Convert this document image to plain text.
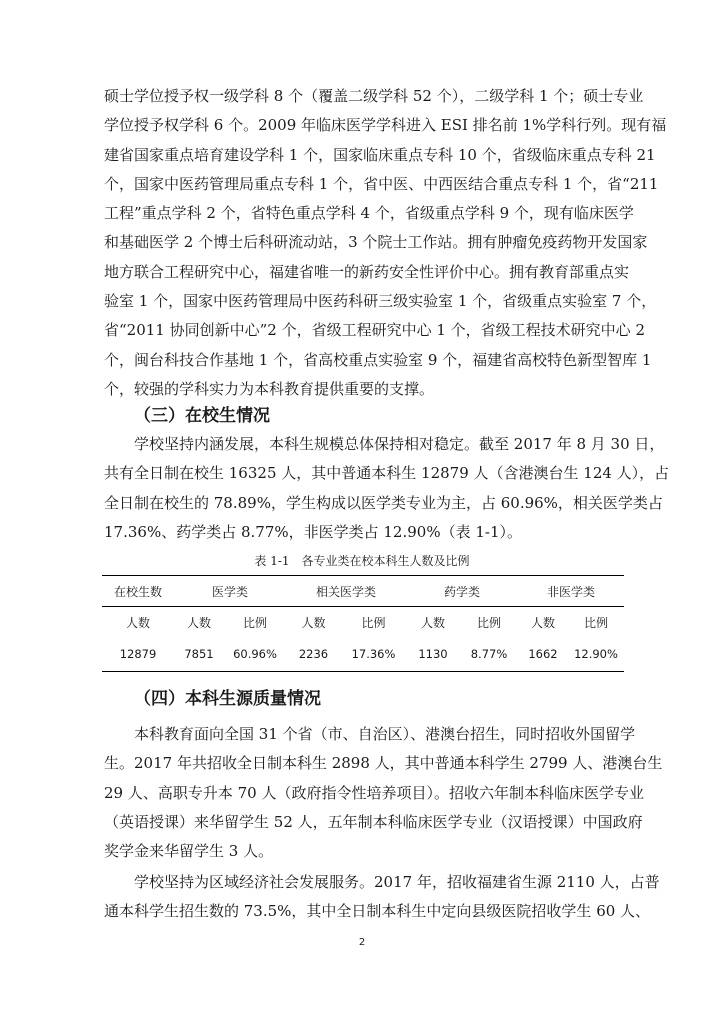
硕士学位授予权一级学科 8 个（覆盖二级学科 52 个），二级学科 1 个；硕士专业
学位授予权学科 6 个。2009 年临床医学学科进入 ESI 排名前 1%学科行列。现有福
建省国家重点培育建设学科 1 个，国家临床重点专科 10 个，省级临床重点专科 21
个，国家中医药管理局重点专科 1 个，省中医、中西医结合重点专科 1 个，省“211
工程”重点学科 2 个，省特色重点学科 4 个，省级重点学科 9 个，现有临床医学
和基础医学 2 个博士后科研流动站，3 个院士工作站。拥有肿瘤免疫药物开发国家
地方联合工程研究中心，福建省唯一的新药安全性评价中心。拥有教育部重点实
验室 1 个，国家中医药管理局中医药科研三级实验室 1 个，省级重点实验室 7 个，
省“2011 协同创新中心”2 个，省级工程研究中心 1 个，省级工程技术研究中心 2
个，闽台科技合作基地 1 个，省高校重点实验室 9 个，福建省高校特色新型智库 1
个，较强的学科实力为本科教育提供重要的支撑。
（三）在校生情况
　　学校坚持内涵发展，本科生规模总体保持相对稳定。截至 2017 年 8 月 30 日，
共有全日制在校生 16325 人，其中普通本科生 12879 人（含港澳台生 124 人），占
全日制在校生的 78.89%，学生构成以医学类专业为主，占 60.96%，相关医学类占
17.36%、药学类占 8.77%，非医学类占 12.90%（表 1-1）。
表 1-1　各专业类在校本科生人数及比例
在校生数	医学类		相关医学类		药学类		非医学类	
人数	人数	比例	人数	比例	人数	比例	人数	比例
12879	7851	60.96%	2236	17.36%	1130	8.77%	1662	12.90%
（四）本科生源质量情况
　　本科教育面向全国 31 个省（市、自治区）、港澳台招生，同时招收外国留学
生。2017 年共招收全日制本科生 2898 人，其中普通本科学生 2799 人、港澳台生
29 人、高职专升本 70 人（政府指令性培养项目）。招收六年制本科临床医学专业
（英语授课）来华留学生 52 人，五年制本科临床医学专业（汉语授课）中国政府
奖学金来华留学生 3 人。
　　学校坚持为区域经济社会发展服务。2017 年，招收福建省生源 2110 人，占普
通本科学生招生数的 73.5%，其中全日制本科生中定向县级医院招收学生 60 人、
2
